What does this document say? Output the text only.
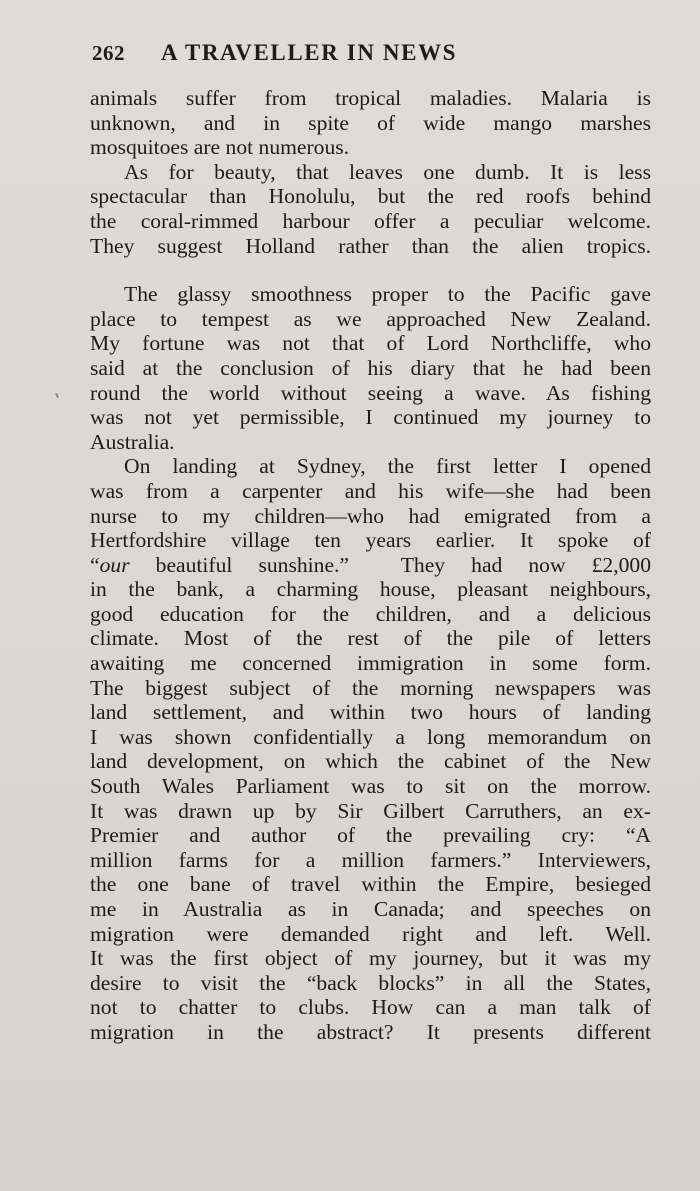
262 A TRAVELLER IN NEWS

animals suffer from tropical maladies. Malaria is
unknown, and in spite of wide mango marshes

mosquitoes are not numerous.

As for beauty, that leaves one dumb. It is less

spectacular than Honolulu, but the red roofs behind

the coral-rimmed harbour offer a peculiar welcome.

They suggest Holland rather than the alien tropics.

The glassy smoothness proper to the Pacific gave

place to tempest as we approached New Zealand.

My fortune was not that of Lord Northcliffe, who

said at the conclusion of his diary that he had been

round the world without seeing a wave. As fishing

was not yet permissible, I continued my journey to

Australia.

On landing at Sydney, the first letter I opened

was from a carpenter and his wife—she had been

nurse to my children—who had emigrated from a

Hertfordshire village ten years earlier. It spoke of

“our beautiful sunshine.”  They had now £2,000

in the bank, a charming house, pleasant neighbours,

good education for the children, and a delicious

climate. Most of the rest of the pile of letters

awaiting me concerned immigration in some form.

The biggest subject of the morning newspapers was

land settlement, and within two hours of landing

I was shown confidentially a long memorandum on

land development, on which the cabinet of the New

South Wales Parliament was to sit on the morrow.

It was drawn up by Sir Gilbert Carruthers, an ex-

Premier and author of the prevailing cry: “A

million farms for a million farmers.” Interviewers,

the one bane of travel within the Empire, besieged

me in Australia as in Canada; and speeches on

migration were demanded right and left. Well.

It was the first object of my journey, but it was my

desire to visit the “back blocks” in all the States,

not to chatter to clubs. How can a man talk of

migration in the abstract? It presents different
